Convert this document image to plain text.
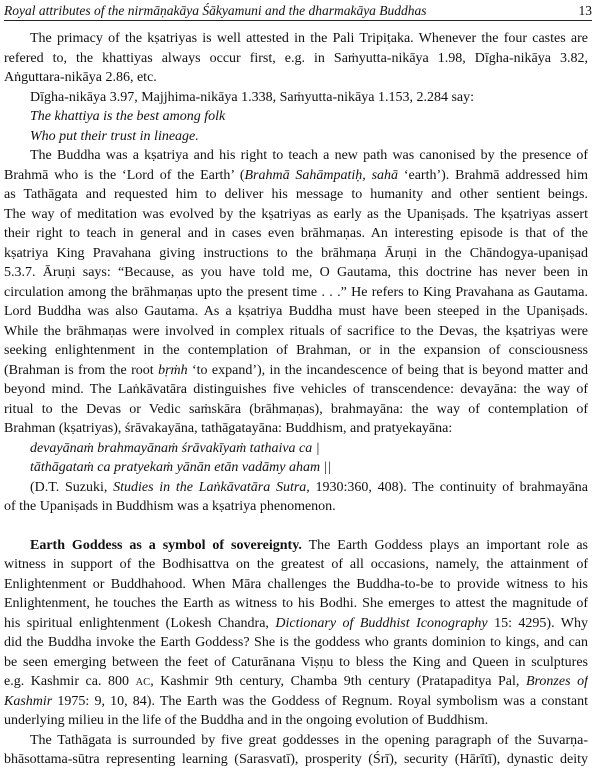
Royal attributes of the nirmāṇakāya Śākyamuni and the dharmakāya Buddhas	13
The primacy of the kṣatriyas is well attested in the Pali Tripiṭaka. Whenever the four castes are
refered to, the khattiyas always occur first, e.g. in Saṁyutta-nikāya 1.98, Dīgha-nikāya 3.82,
Aṅguttara-nikāya 2.86, etc.
Dīgha-nikāya 3.97, Majjhima-nikāya 1.338, Saṁyutta-nikāya 1.153, 2.284 say:
The khattiya is the best among folk
Who put their trust in lineage.
The Buddha was a kṣatriya and his right to teach a new path was canonised by the presence of
Brahmā who is the ‘Lord of the Earth’ (Brahmā Sahāmpatiḥ, sahā ‘earth’). Brahmā addressed him
as Tathāgata and requested him to deliver his message to humanity and other sentient beings.
The way of meditation was evolved by the kṣatriyas as early as the Upaniṣads. The kṣatriyas assert
their right to teach in general and in cases even brāhmaṇas. An interesting episode is that of the
kṣatriya King Pravahana giving instructions to the brāhmaṇa Āruṇi in the Chāndogya-upaniṣad
5.3.7. Āruṇi says: “Because, as you have told me, O Gautama, this doctrine has never been in
circulation among the brāhmaṇas upto the present time . . .” He refers to King Pravahana as Gautama.
Lord Buddha was also Gautama. As a kṣatriya Buddha must have been steeped in the Upaniṣads.
While the brāhmaṇas were involved in complex rituals of sacrifice to the Devas, the kṣatriyas were
seeking enlightenment in the contemplation of Brahman, or in the expansion of consciousness
(Brahman is from the root bṛṁh ‘to expand’), in the incandescence of being that is beyond matter and
beyond mind. The Laṅkāvatāra distinguishes five vehicles of transcendence: devayāna: the way of
ritual to the Devas or Vedic saṁskāra (brāhmaṇas), brahmayāna: the way of contemplation of
Brahman (kṣatriyas), śrāvakayāna, tathāgatayāna: Buddhism, and pratyekayāna:
devayānaṁ brahmayānaṁ śrāvakīyaṁ tathaiva ca |
tāthāgataṁ ca pratyekaṁ yānān etān vadāmy aham ||
(D.T. Suzuki, Studies in the Laṅkāvatāra Sutra, 1930:360, 408). The continuity of brahmayāna
of the Upaniṣads in Buddhism was a kṣatriya phenomenon.
Earth Goddess as a symbol of sovereignty. The Earth Goddess plays an important role as
witness in support of the Bodhisattva on the greatest of all occasions, namely, the attainment of
Enlightenment or Buddhahood. When Māra challenges the Buddha-to-be to provide witness to his
Enlightenment, he touches the Earth as witness to his Bodhi. She emerges to attest the magnitude of
his spiritual enlightenment (Lokesh Chandra, Dictionary of Buddhist Iconography 15: 4295). Why
did the Buddha invoke the Earth Goddess? She is the goddess who grants dominion to kings, and can
be seen emerging between the feet of Caturānana Viṣṇu to bless the King and Queen in sculptures
e.g. Kashmir ca. 800 AC, Kashmir 9th century, Chamba 9th century (Pratapaditya Pal, Bronzes of
Kashmir 1975: 9, 10, 84). The Earth was the Goddess of Regnum. Royal symbolism was a constant
underlying milieu in the life of the Buddha and in the ongoing evolution of Buddhism.
The Tathāgata is surrounded by five great goddesses in the opening paragraph of the Suvarṇa-
bhāsottama-sūtra representing learning (Sarasvatī), prosperity (Śrī), security (Hārītī), dynastic deity
